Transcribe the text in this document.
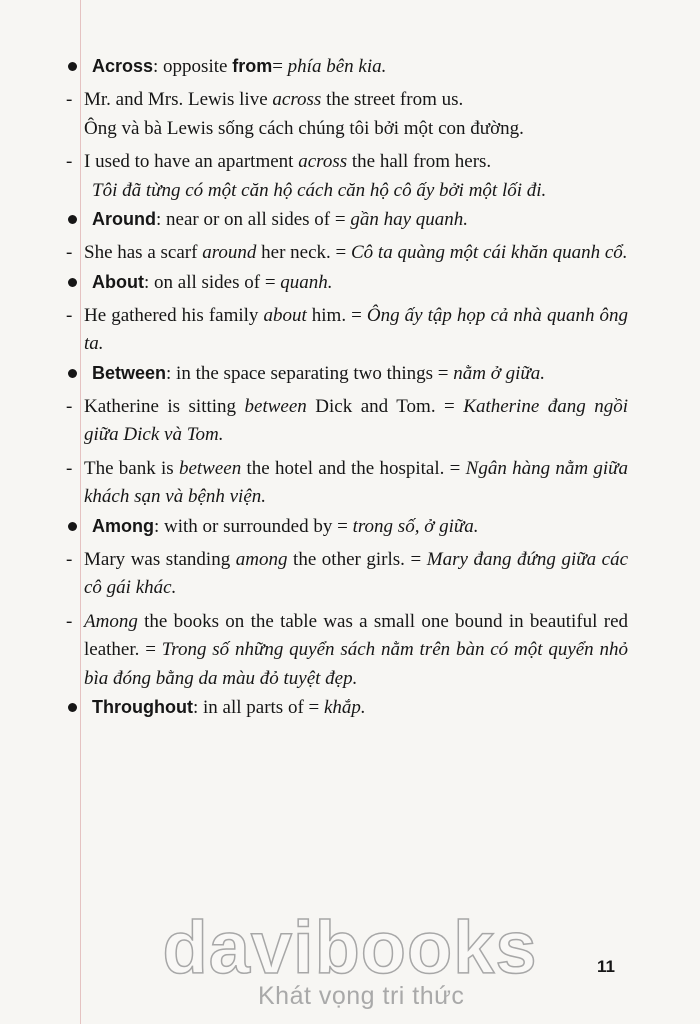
Across: opposite from= phía bên kia.
- Mr. and Mrs. Lewis live across the street from us.
Ông và bà Lewis sống cách chúng tôi bởi một con đường.
- I used to have an apartment across the hall from hers.
Tôi đã từng có một căn hộ cách căn hộ cô ấy bởi một lối đi.
Around: near or on all sides of = gần hay quanh.
- She has a scarf around her neck. = Cô ta quàng một cái khăn quanh cổ.
About: on all sides of = quanh.
- He gathered his family about him. = Ông ấy tập họp cả nhà quanh ông ta.
Between: in the space separating two things = nằm ở giữa.
- Katherine is sitting between Dick and Tom. = Katherine đang ngồi giữa Dick và Tom.
- The bank is between the hotel and the hospital. = Ngân hàng nằm giữa khách sạn và bệnh viện.
Among: with or surrounded by = trong số, ở giữa.
- Mary was standing among the other girls. = Mary đang đứng giữa các cô gái khác.
- Among the books on the table was a small one bound in beautiful red leather. = Trong số những quyển sách nằm trên bàn có một quyển nhỏ bìa đóng bằng da màu đỏ tuyệt đẹp.
Throughout: in all parts of = khắp.
davibooks
Khát vọng tri thức
11
